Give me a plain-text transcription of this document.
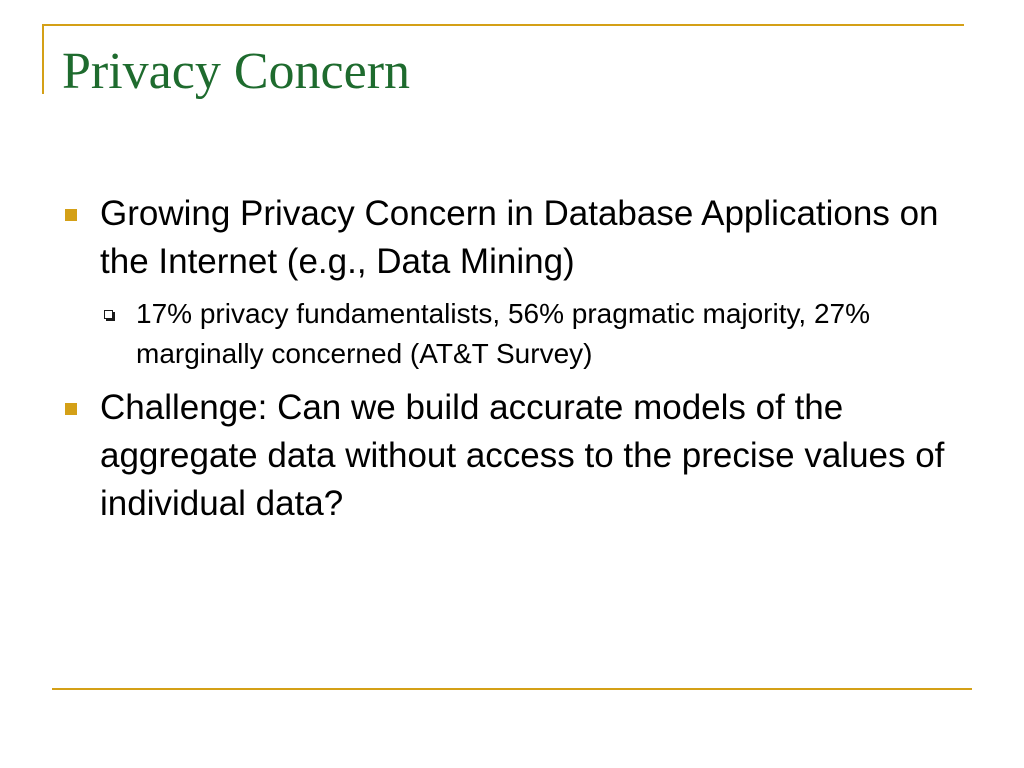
Privacy Concern
Growing Privacy Concern in Database Applications on the Internet (e.g., Data Mining)
17% privacy fundamentalists, 56% pragmatic majority, 27% marginally concerned (AT&T Survey)
Challenge: Can we build accurate models of the aggregate data without access to the precise values of individual data?
